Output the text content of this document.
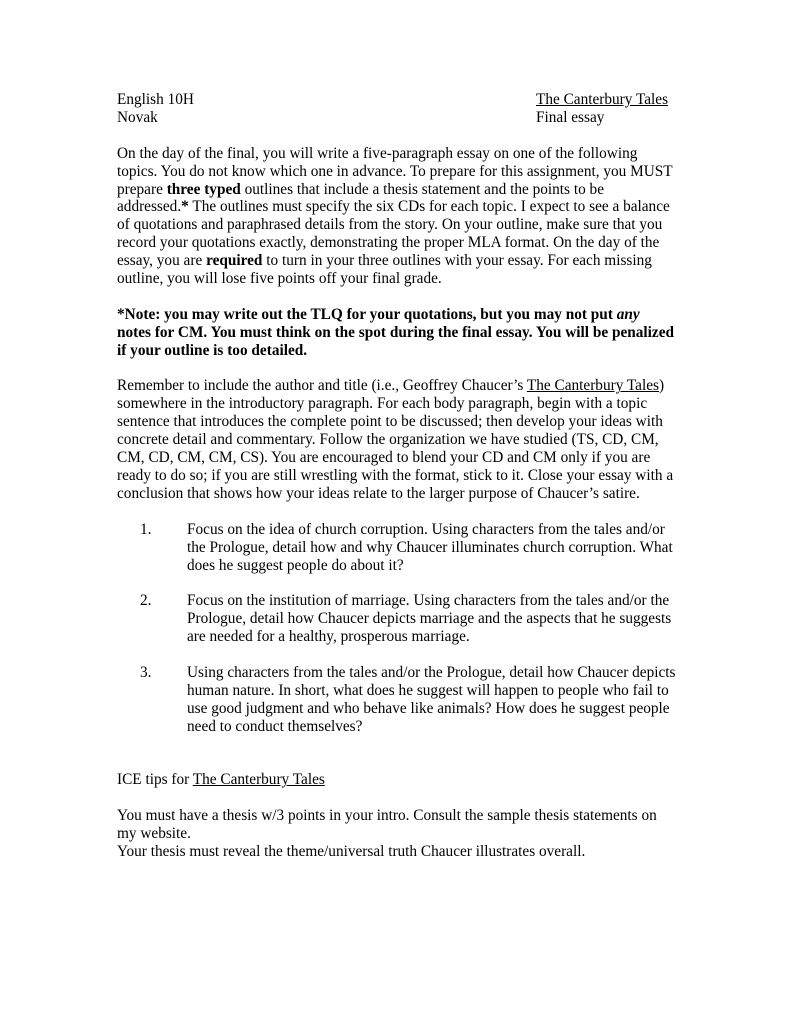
English 10H
Novak
The Canterbury Tales
Final essay

On the day of the final, you will write a five-paragraph essay on one of the following topics. You do not know which one in advance. To prepare for this assignment, you MUST prepare three typed outlines that include a thesis statement and the points to be addressed.* The outlines must specify the six CDs for each topic. I expect to see a balance of quotations and paraphrased details from the story. On your outline, make sure that you record your quotations exactly, demonstrating the proper MLA format. On the day of the essay, you are required to turn in your three outlines with your essay. For each missing outline, you will lose five points off your final grade.

*Note: you may write out the TLQ for your quotations, but you may not put any notes for CM. You must think on the spot during the final essay. You will be penalized if your outline is too detailed.

Remember to include the author and title (i.e., Geoffrey Chaucer’s The Canterbury Tales) somewhere in the introductory paragraph. For each body paragraph, begin with a topic sentence that introduces the complete point to be discussed; then develop your ideas with concrete detail and commentary. Follow the organization we have studied (TS, CD, CM, CM, CD, CM, CM, CS). You are encouraged to blend your CD and CM only if you are ready to do so; if you are still wrestling with the format, stick to it. Close your essay with a conclusion that shows how your ideas relate to the larger purpose of Chaucer’s satire.

1.	Focus on the idea of church corruption. Using characters from the tales and/or the Prologue, detail how and why Chaucer illuminates church corruption. What does he suggest people do about it?
2.	Focus on the institution of marriage. Using characters from the tales and/or the Prologue, detail how Chaucer depicts marriage and the aspects that he suggests are needed for a healthy, prosperous marriage.
3.	Using characters from the tales and/or the Prologue, detail how Chaucer depicts human nature. In short, what does he suggest will happen to people who fail to use good judgment and who behave like animals? How does he suggest people need to conduct themselves?

ICE tips for The Canterbury Tales

You must have a thesis w/3 points in your intro. Consult the sample thesis statements on my website.

Your thesis must reveal the theme/universal truth Chaucer illustrates overall.
